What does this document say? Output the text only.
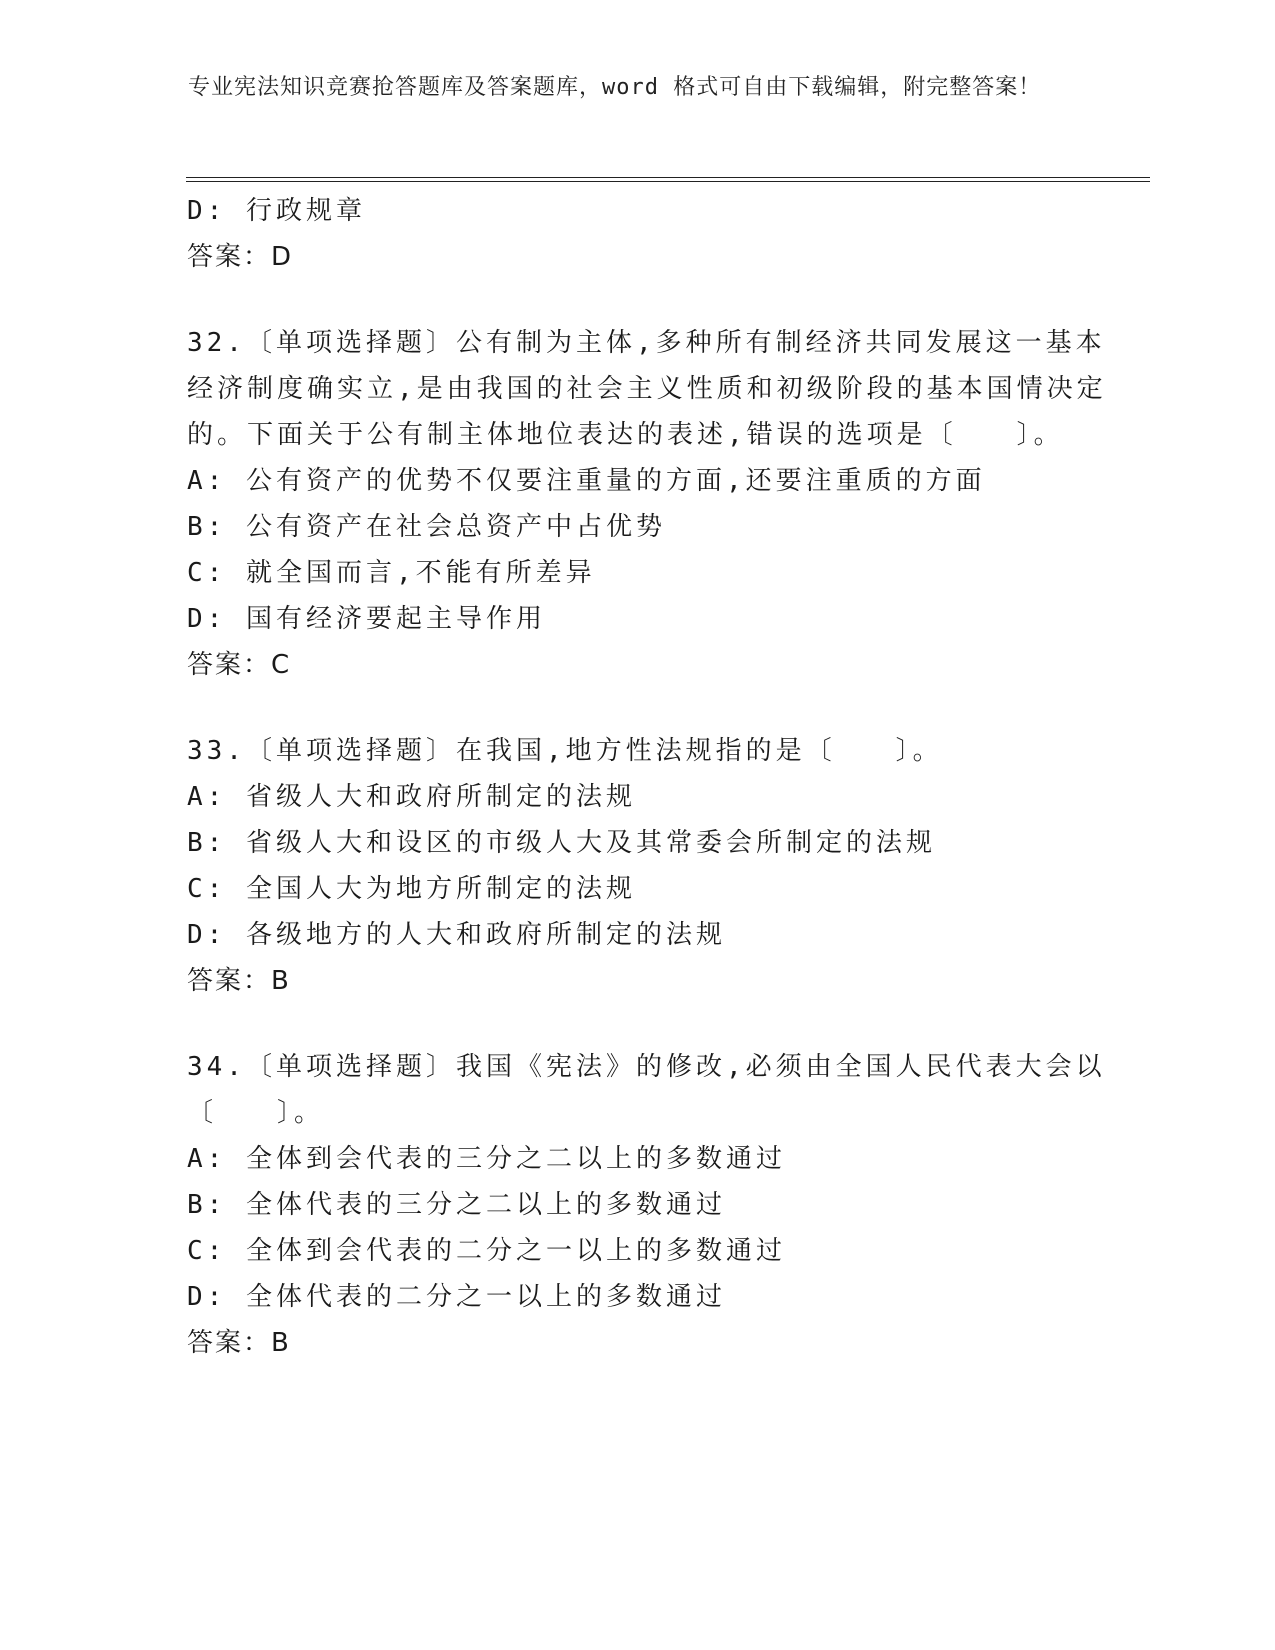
专业宪法知识竞赛抢答题库及答案题库，word 格式可自由下载编辑，附完整答案！
D: 行政规章
答案：D
32.〔单项选择题〕公有制为主体,多种所有制经济共同发展这一基本
经济制度确实立,是由我国的社会主义性质和初级阶段的基本国情决定
的。下面关于公有制主体地位表达的表述,错误的选项是〔　　〕。
A: 公有资产的优势不仅要注重量的方面,还要注重质的方面
B: 公有资产在社会总资产中占优势
C: 就全国而言,不能有所差异
D: 国有经济要起主导作用
答案：C
33.〔单项选择题〕在我国,地方性法规指的是〔　　〕。
A: 省级人大和政府所制定的法规
B: 省级人大和设区的市级人大及其常委会所制定的法规
C: 全国人大为地方所制定的法规
D: 各级地方的人大和政府所制定的法规
答案：B
34.〔单项选择题〕我国《宪法》的修改,必须由全国人民代表大会以
〔　　〕。
A: 全体到会代表的三分之二以上的多数通过
B: 全体代表的三分之二以上的多数通过
C: 全体到会代表的二分之一以上的多数通过
D: 全体代表的二分之一以上的多数通过
答案：B
